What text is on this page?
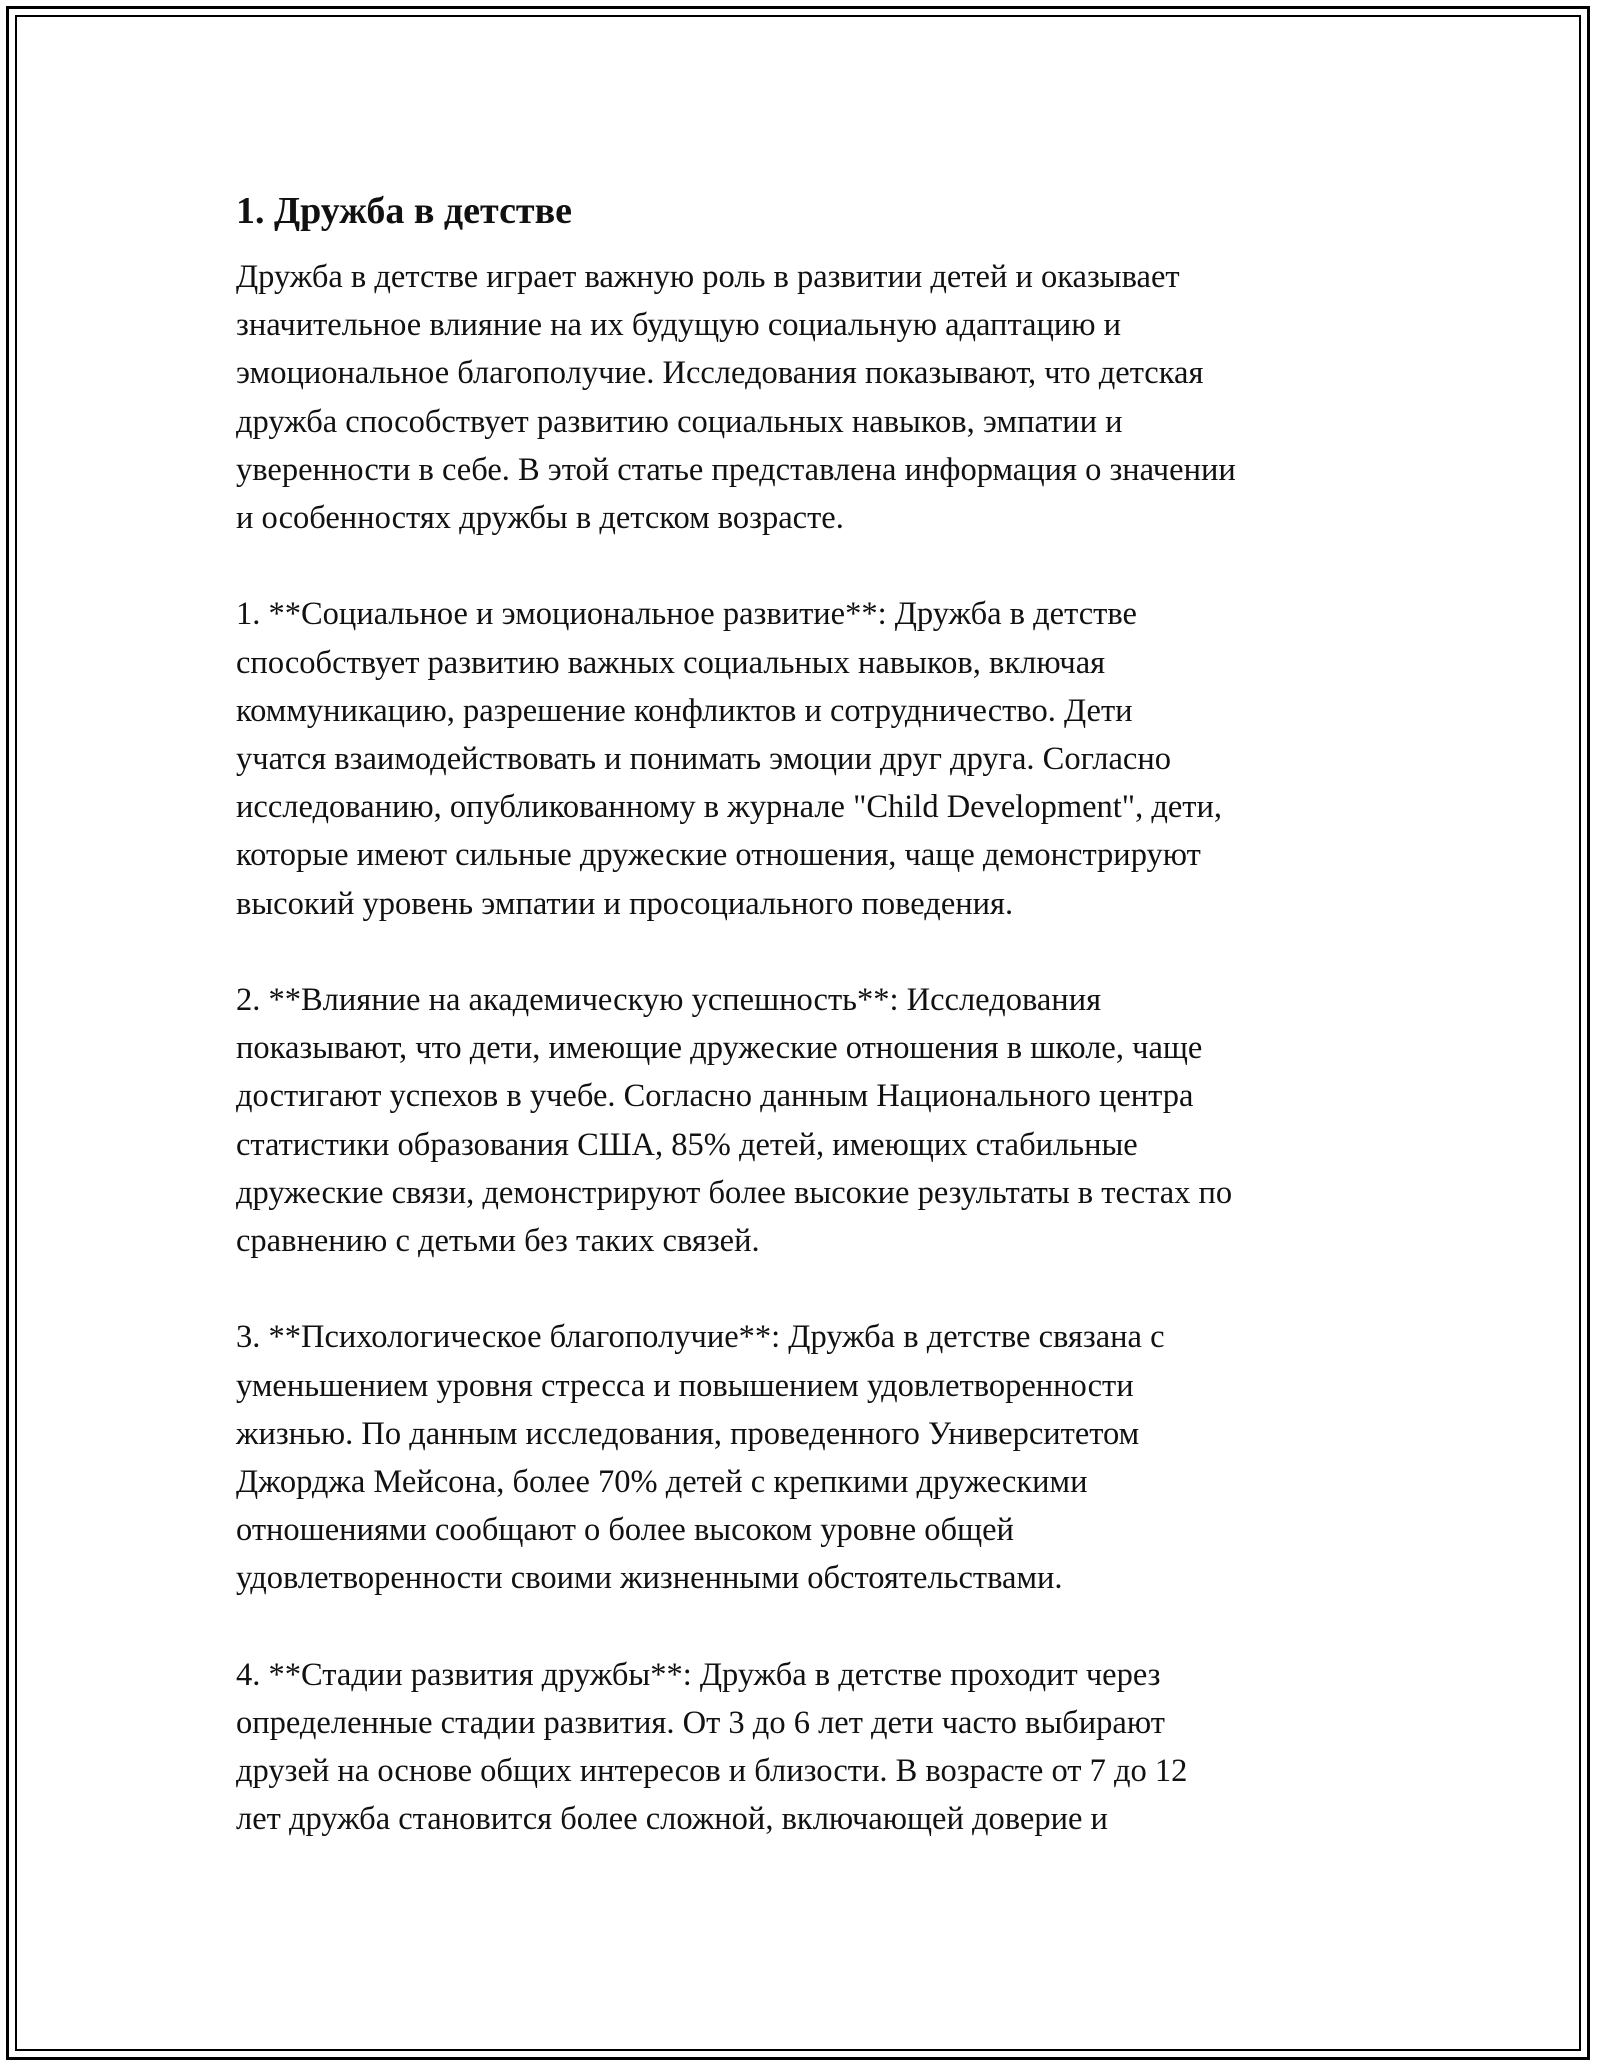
1. Дружба в детстве

Дружба в детстве играет важную роль в развитии детей и оказывает
значительное влияние на их будущую социальную адаптацию и
эмоциональное благополучие. Исследования показывают, что детская
дружба способствует развитию социальных навыков, эмпатии и
уверенности в себе. В этой статье представлена информация о значении
и особенностях дружбы в детском возрасте.

1. **Социальное и эмоциональное развитие**: Дружба в детстве
способствует развитию важных социальных навыков, включая
коммуникацию, разрешение конфликтов и сотрудничество. Дети
учатся взаимодействовать и понимать эмоции друг друга. Согласно
исследованию, опубликованному в журнале "Child Development", дети,
которые имеют сильные дружеские отношения, чаще демонстрируют
высокий уровень эмпатии и просоциального поведения.

2. **Влияние на академическую успешность**: Исследования
показывают, что дети, имеющие дружеские отношения в школе, чаще
достигают успехов в учебе. Согласно данным Национального центра
статистики образования США, 85% детей, имеющих стабильные
дружеские связи, демонстрируют более высокие результаты в тестах по
сравнению с детьми без таких связей.

3. **Психологическое благополучие**: Дружба в детстве связана с
уменьшением уровня стресса и повышением удовлетворенности
жизнью. По данным исследования, проведенного Университетом
Джорджа Мейсона, более 70% детей с крепкими дружескими
отношениями сообщают о более высоком уровне общей
удовлетворенности своими жизненными обстоятельствами.

4. **Стадии развития дружбы**: Дружба в детстве проходит через
определенные стадии развития. От 3 до 6 лет дети часто выбирают
друзей на основе общих интересов и близости. В возрасте от 7 до 12
лет дружба становится более сложной, включающей доверие и
